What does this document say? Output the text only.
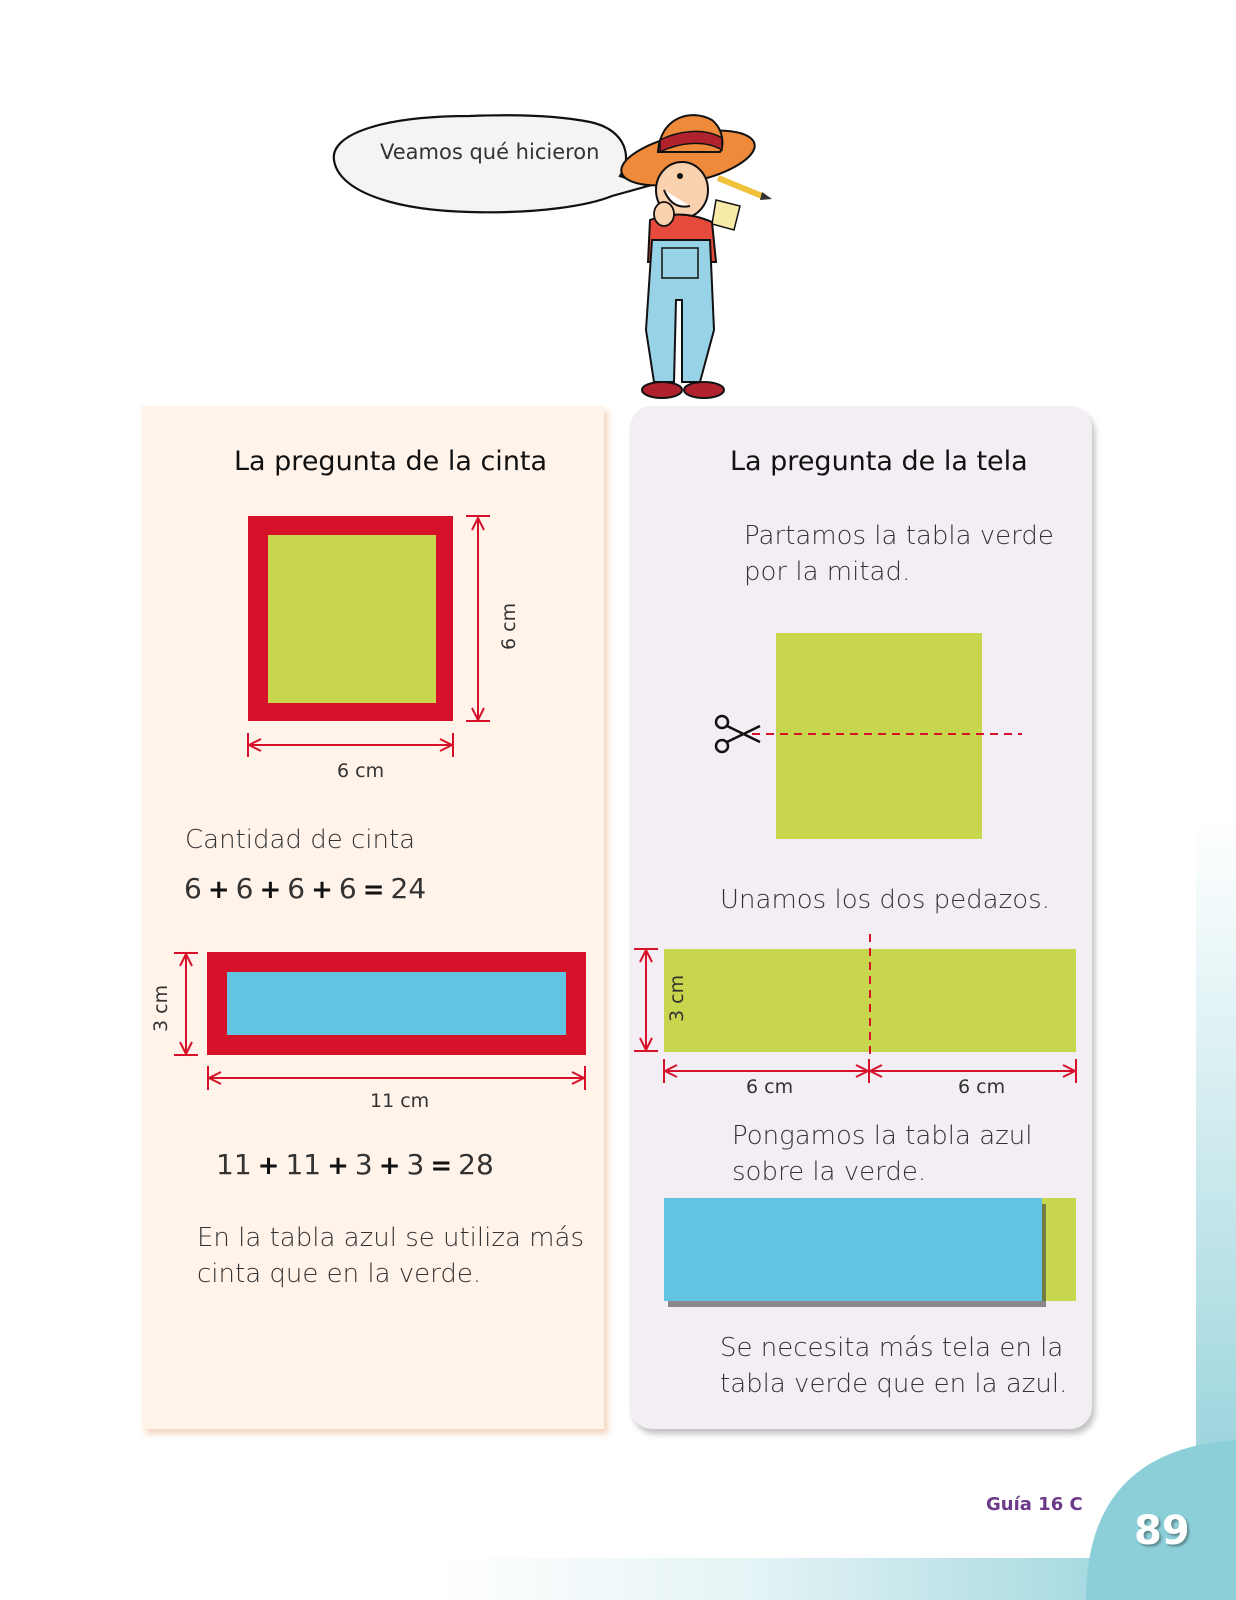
Veamos qué hicieron
La pregunta de la cinta
6 cm
6 cm
Cantidad de cinta
6 + 6 + 6 + 6 = 24
3 cm
11 cm
11 + 11 + 3 + 3 = 28
En la tabla azul se utiliza más
cinta que en la verde.
La pregunta de la tela
Partamos la tabla verde
por la mitad.
Unamos los dos pedazos.
3 cm
6 cm	6 cm
Pongamos la tabla azul
sobre la verde.
Se necesita más tela en la
tabla verde que en la azul.
Guía 16 C
89
